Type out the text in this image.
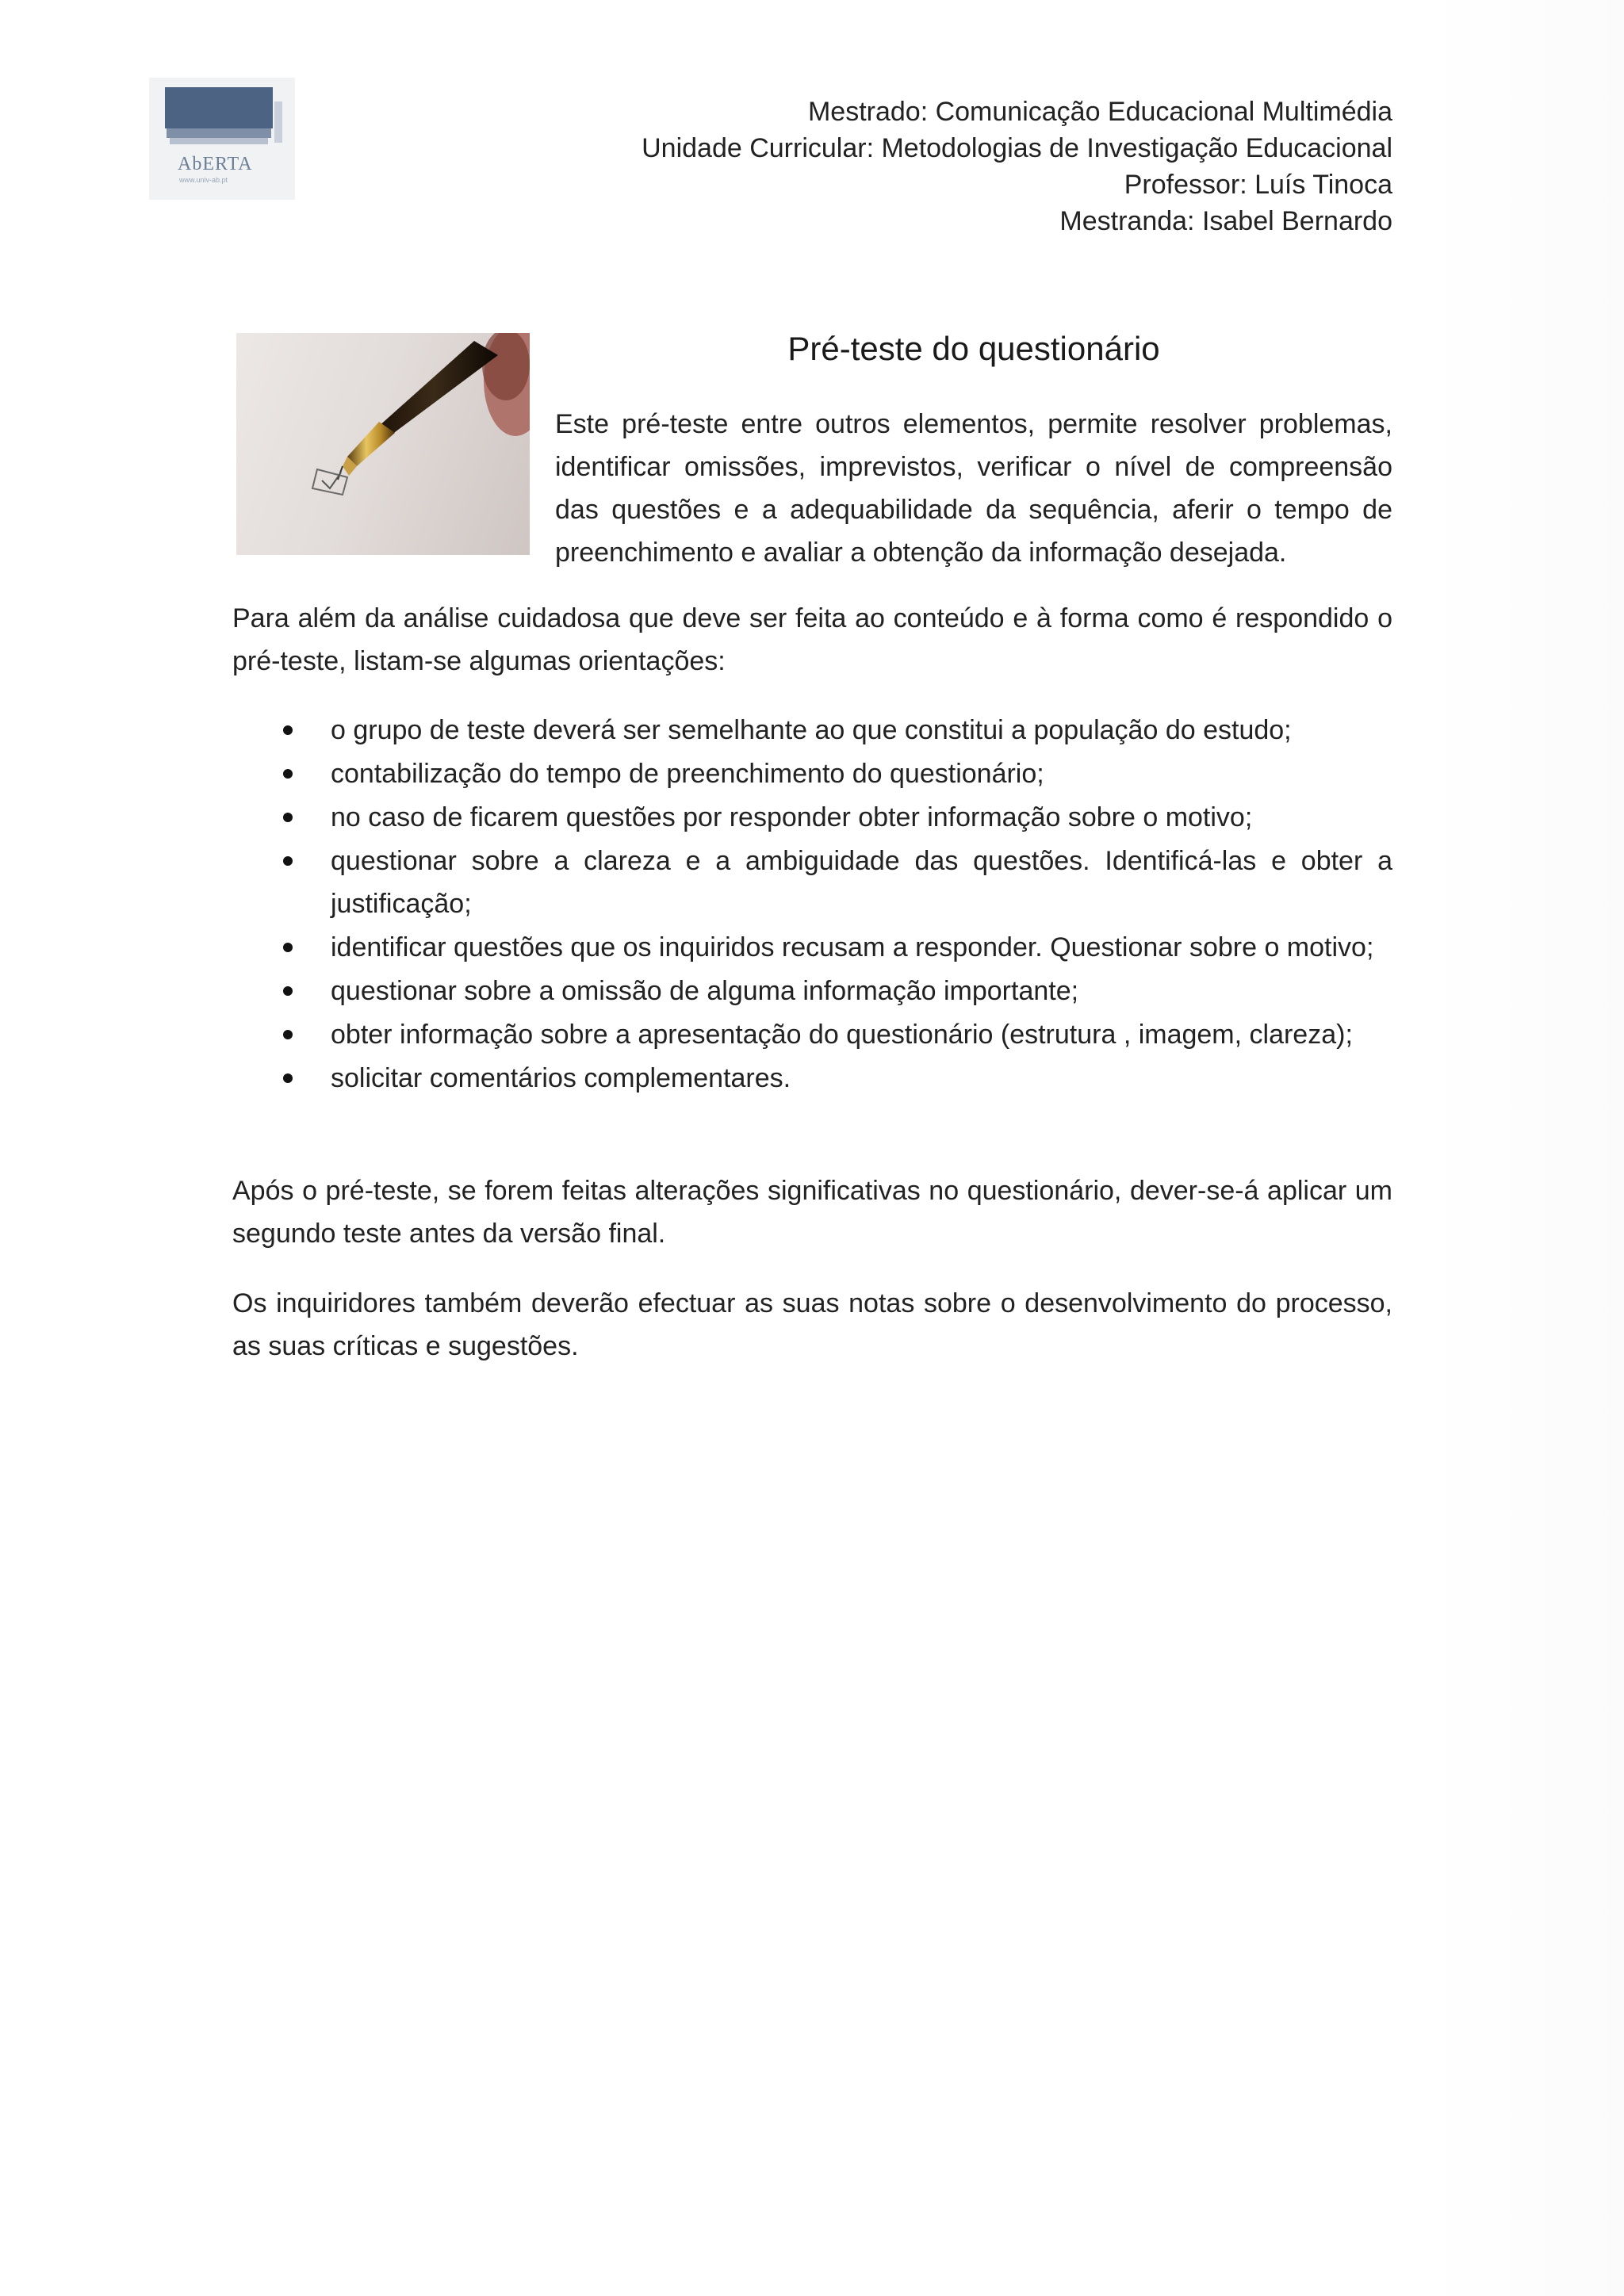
AbERTA
www.univ-ab.pt
Mestrado: Comunicação Educacional Multimédia
Unidade Curricular: Metodologias de Investigação Educacional
Professor: Luís Tinoca
Mestranda: Isabel Bernardo
Pré-teste do questionário
Este pré-teste entre outros elementos, permite resolver problemas, identificar omissões, imprevistos, verificar o nível de compreensão das questões e a adequabilidade da sequência, aferir o tempo de preenchimento e avaliar a obtenção da informação desejada.
Para além da análise cuidadosa que deve ser feita ao conteúdo e à forma como é respondido o pré-teste, listam-se algumas orientações:
o grupo de teste deverá ser semelhante ao que constitui a população do estudo;
contabilização do tempo de preenchimento do questionário;
no caso de ficarem questões por responder obter informação sobre o motivo;
questionar sobre a clareza e a ambiguidade das questões. Identificá-las e obter a justificação;
identificar questões que os inquiridos recusam a responder. Questionar sobre o motivo;
questionar sobre a omissão de alguma informação importante;
obter informação sobre a apresentação do questionário (estrutura , imagem, clareza);
solicitar comentários complementares.
Após o pré-teste, se forem feitas alterações significativas no questionário, dever-se-á aplicar um segundo teste antes da versão final.
Os inquiridores também deverão efectuar as suas notas sobre o desenvolvimento do processo, as suas críticas e sugestões.
